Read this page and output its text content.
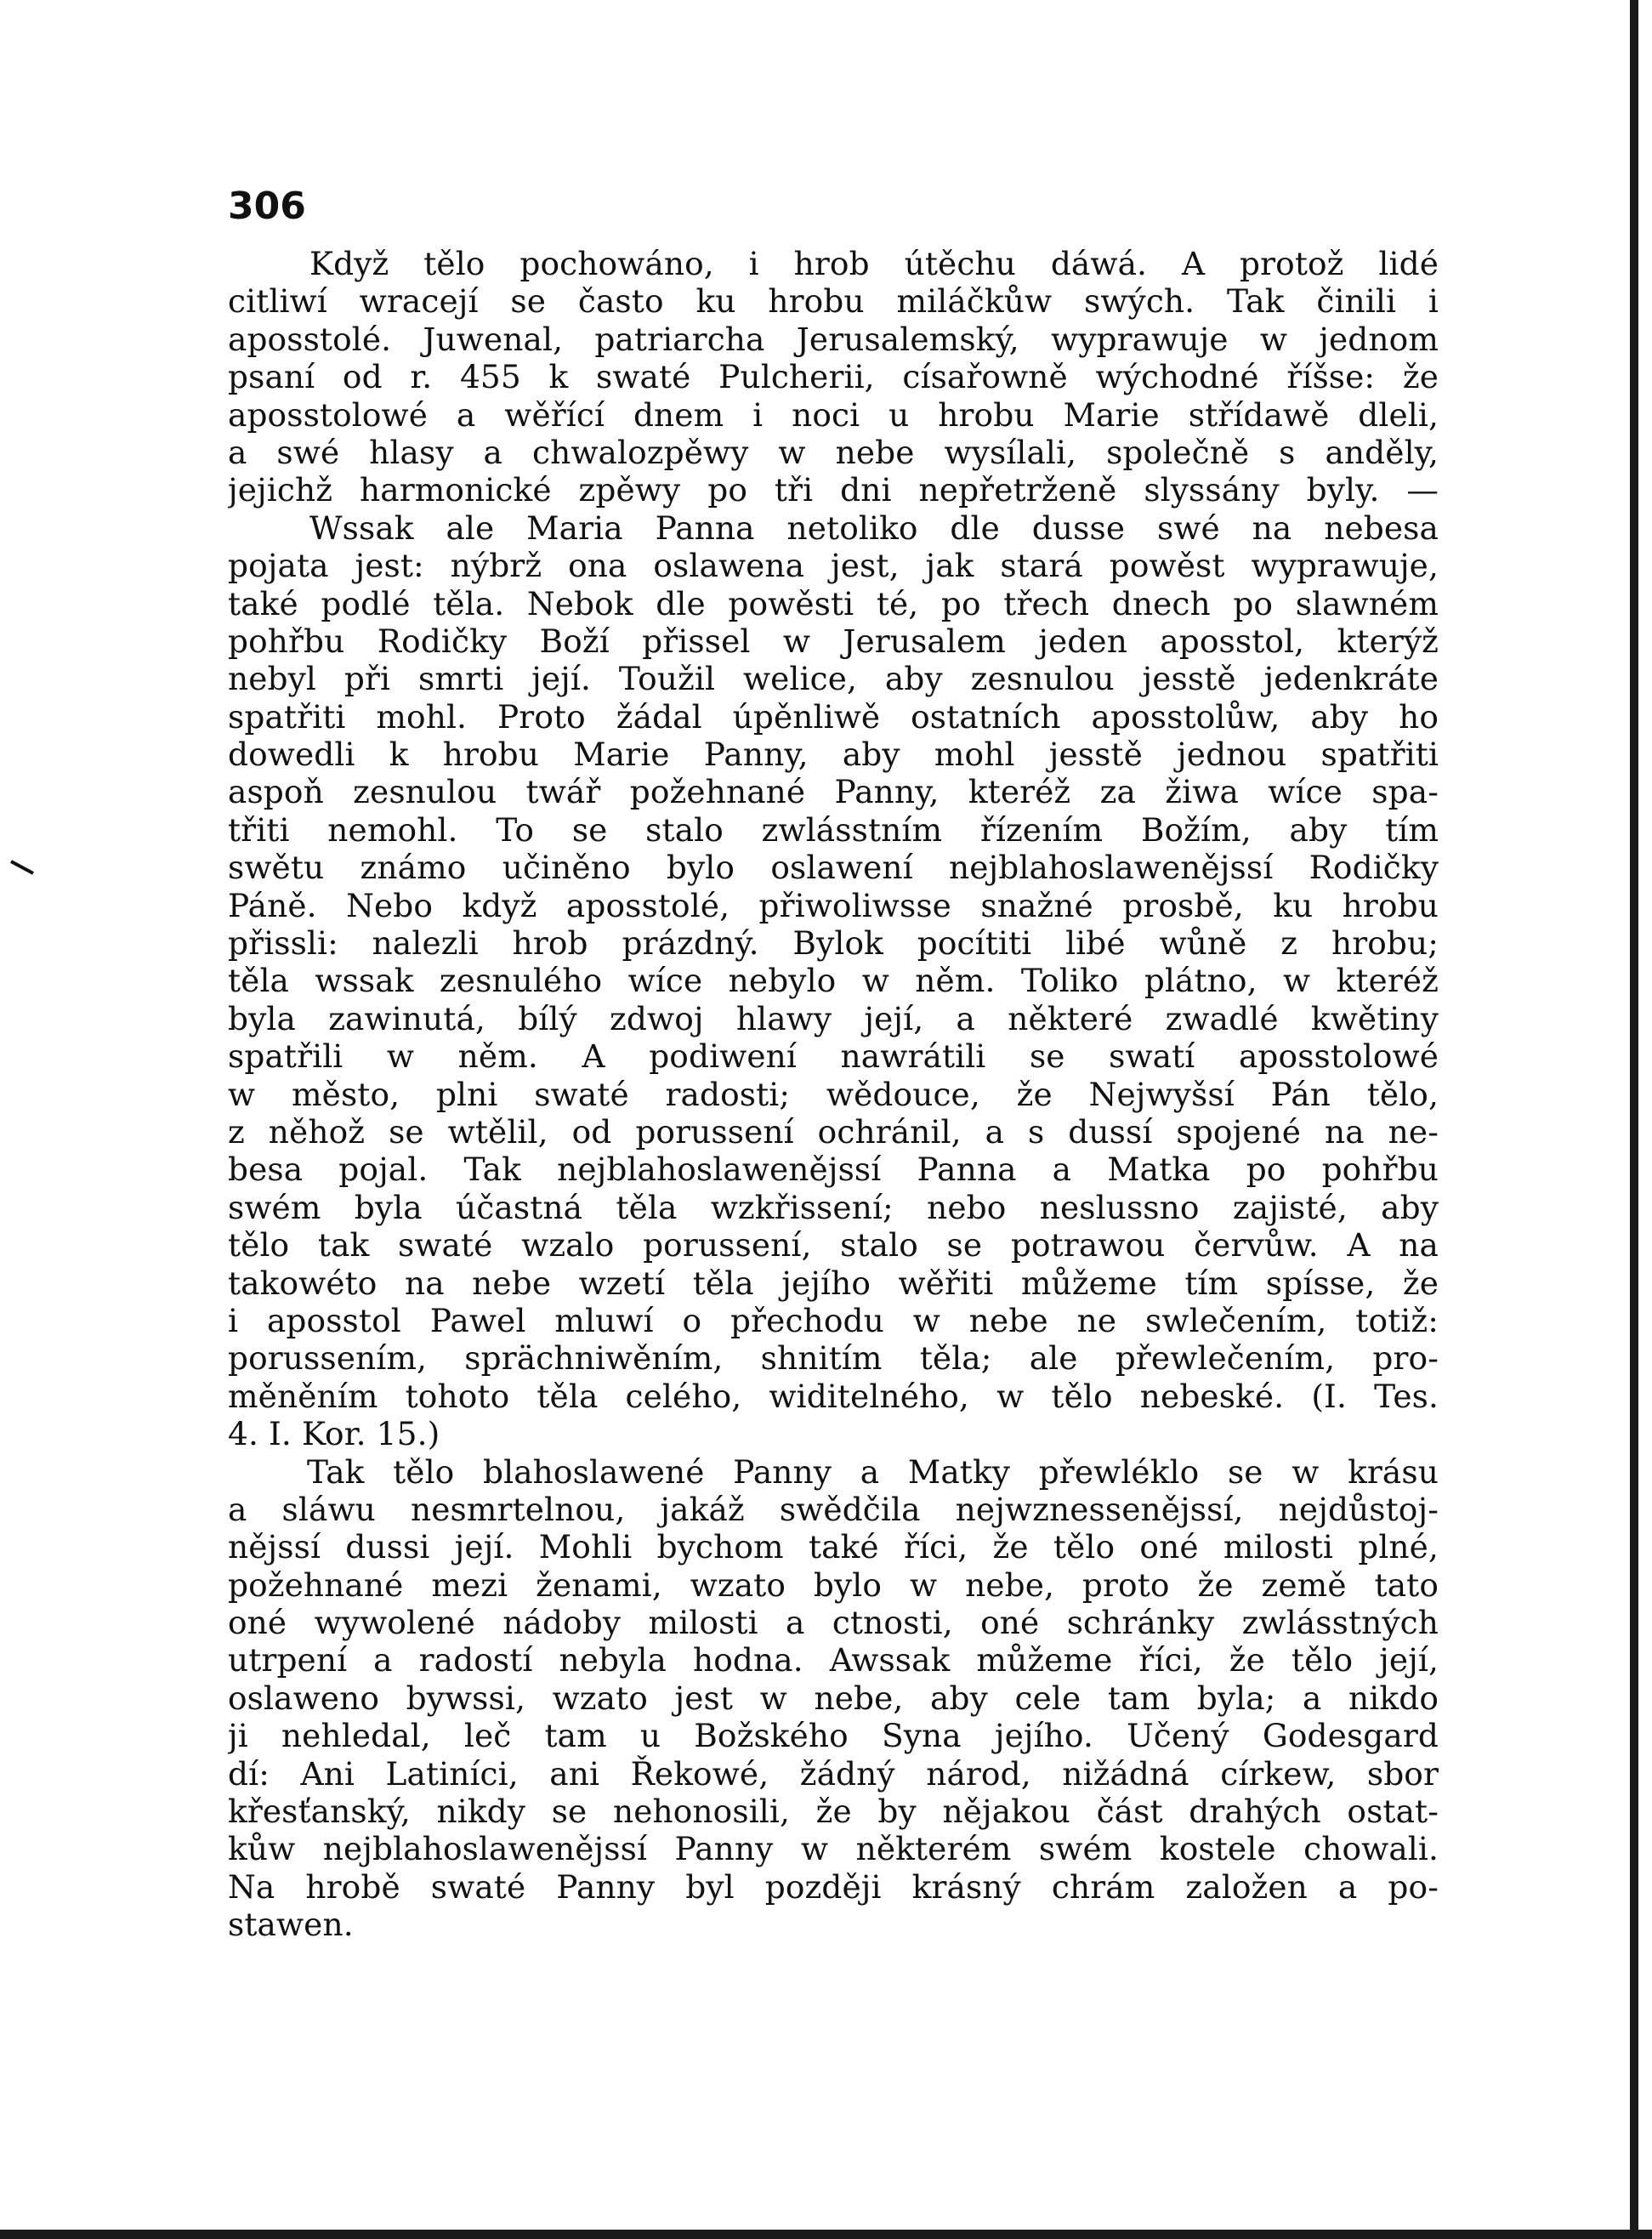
306
Když tělo pochowáno, i hrob útěchu dáwá. A protož lidé
citliwí wracejí se často ku hrobu miláčkůw swých. Tak činili i
aposstolé. Juwenal, patriarcha Jerusalemský, wyprawuje w jednom
psaní od r. 455 k swaté Pulcherii, císařowně wýchodné říšse: že
aposstolowé a wěřící dnem i noci u hrobu Marie střídawě dleli,
a swé hlasy a chwalozpěwy w nebe wysílali, společně s anděly,
jejichž harmonické zpěwy po tři dni nepřetrženě slyssány byly. —
Wssak ale Maria Panna netoliko dle dusse swé na nebesa
pojata jest: nýbrž ona oslawena jest, jak stará powěst wyprawuje,
také podlé těla. Nebok dle powěsti té, po třech dnech po slawném
pohřbu Rodičky Boží přissel w Jerusalem jeden aposstol, kterýž
nebyl při smrti její. Toužil welice, aby zesnulou jesstě jedenkráte
spatřiti mohl. Proto žádal úpěnliwě ostatních aposstolůw, aby ho
dowedli k hrobu Marie Panny, aby mohl jesstě jednou spatřiti
aspoň zesnulou twář požehnané Panny, kteréž za žiwa wíce spa-
třiti nemohl. To se stalo zwlásstním řízením Božím, aby tím
swětu známo učiněno bylo oslawení nejblahoslawenějssí Rodičky
Páně. Nebo když aposstolé, přiwoliwsse snažné prosbě, ku hrobu
přissli: nalezli hrob prázdný. Bylok pocítiti libé wůně z hrobu;
těla wssak zesnulého wíce nebylo w něm. Toliko plátno, w kteréž
byla zawinutá, bílý zdwoj hlawy její, a některé zwadlé kwětiny
spatřili w něm. A podiwení nawrátili se swatí aposstolowé
w město, plni swaté radosti; wědouce, že Nejwyšsí Pán tělo,
z něhož se wtělil, od porussení ochránil, a s dussí spojené na ne-
besa pojal. Tak nejblahoslawenějssí Panna a Matka po pohřbu
swém byla účastná těla wzkřissení; nebo neslussno zajisté, aby
tělo tak swaté wzalo porussení, stalo se potrawou červůw. A na
takowéto na nebe wzetí těla jejího wěřiti můžeme tím spísse, že
i aposstol Pawel mluwí o přechodu w nebe ne swlečením, totiž:
porussením, sprächniwěním, shnitím těla; ale přewlečením, pro-
měněním tohoto těla celého, widitelného, w tělo nebeské. (I. Tes.
4. I. Kor. 15.)
Tak tělo blahoslawené Panny a Matky přewléklo se w krásu
a sláwu nesmrtelnou, jakáž swědčila nejwznessenějssí, nejdůstoj-
nějssí dussi její. Mohli bychom také říci, že tělo oné milosti plné,
požehnané mezi ženami, wzato bylo w nebe, proto že země tato
oné wywolené nádoby milosti a ctnosti, oné schránky zwlásstných
utrpení a radostí nebyla hodna. Awssak můžeme říci, že tělo její,
oslaweno bywssi, wzato jest w nebe, aby cele tam byla; a nikdo
ji nehledal, leč tam u Božského Syna jejího. Učený Godesgard
dí: Ani Latiníci, ani Řekowé, žádný národ, nižádná církew, sbor
křesťanský, nikdy se nehonosili, že by nějakou část drahých ostat-
kůw nejblahoslawenějssí Panny w některém swém kostele chowali.
Na hrobě swaté Panny byl později krásný chrám založen a po-
stawen.
